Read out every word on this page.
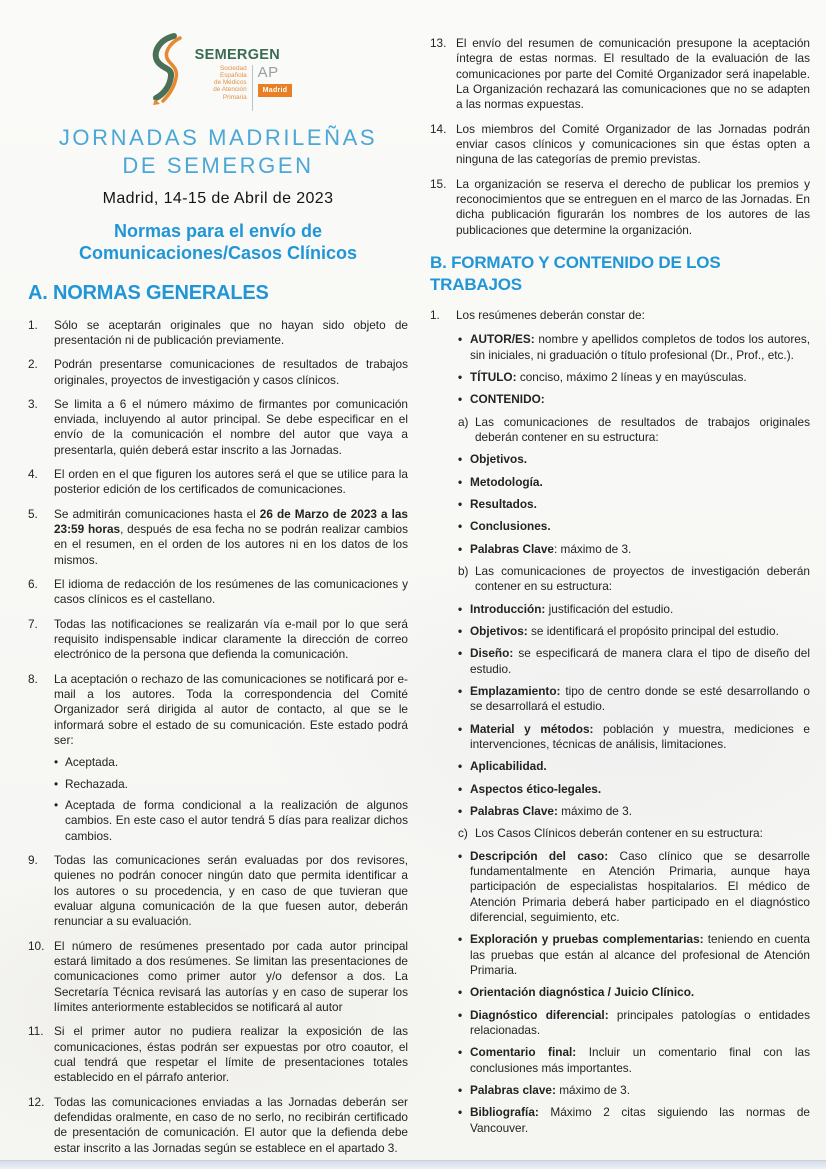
SEMERGEN
Sociedad
Española
de Médicos
de Atención
Primaria
AP
Madrid
JORNADAS MADRILEÑAS
DE SEMERGEN
Madrid, 14-15 de Abril de 2023
Normas para el envío de
Comunicaciones/Casos Clínicos
A. NORMAS GENERALES
1.	Sólo se aceptarán originales que no hayan sido objeto de presentación ni de publicación previamente.
2.	Podrán presentarse comunicaciones de resultados de trabajos originales, proyectos de investigación y casos clínicos.
3.	Se limita a 6 el número máximo de firmantes por comunicación enviada, incluyendo al autor principal. Se debe especificar en el envío de la comunicación el nombre del autor que vaya a presentarla, quién deberá estar inscrito a las Jornadas.
4.	El orden en el que figuren los autores será el que se utilice para la posterior edición de los certificados de comunicaciones.
5.	Se admitirán comunicaciones hasta el 26 de Marzo de 2023 a las 23:59 horas, después de esa fecha no se podrán realizar cambios en el resumen, en el orden de los autores ni en los datos de los mismos.
6.	El idioma de redacción de los resúmenes de las comunicaciones y casos clínicos es el castellano.
7.	Todas las notificaciones se realizarán vía e-mail por lo que será requisito indispensable indicar claramente la dirección de correo electrónico de la persona que defienda la comunicación.
8.	La aceptación o rechazo de las comunicaciones se notificará por e-mail a los autores. Toda la correspondencia del Comité Organizador será dirigida al autor de contacto, al que se le informará sobre el estado de su comunicación. Este estado podrá ser:
• Aceptada.
• Rechazada.
• Aceptada de forma condicional a la realización de algunos cambios. En este caso el autor tendrá 5 días para realizar dichos cambios.
9.	Todas las comunicaciones serán evaluadas por dos revisores, quienes no podrán conocer ningún dato que permita identificar a los autores o su procedencia, y en caso de que tuvieran que evaluar alguna comunicación de la que fuesen autor, deberán renunciar a su evaluación.
10. El número de resúmenes presentado por cada autor principal estará limitado a dos resúmenes. Se limitan las presentaciones de comunicaciones como primer autor y/o defensor a dos. La Secretaría Técnica revisará las autorías y en caso de superar los límites anteriormente establecidos se notificará al autor
11. Si el primer autor no pudiera realizar la exposición de las comunicaciones, éstas podrán ser expuestas por otro coautor, el cual tendrá que respetar el límite de presentaciones totales establecido en el párrafo anterior.
12. Todas las comunicaciones enviadas a las Jornadas deberán ser defendidas oralmente, en caso de no serlo, no recibirán certificado de presentación de comunicación. El autor que la defienda debe estar inscrito a las Jornadas según se establece en el apartado 3.
13. El envío del resumen de comunicación presupone la aceptación íntegra de estas normas. El resultado de la evaluación de las comunicaciones por parte del Comité Organizador será inapelable. La Organización rechazará las comunicaciones que no se adapten a las normas expuestas.
14. Los miembros del Comité Organizador de las Jornadas podrán enviar casos clínicos y comunicaciones sin que éstas opten a ninguna de las categorías de premio previstas.
15. La organización se reserva el derecho de publicar los premios y reconocimientos que se entreguen en el marco de las Jornadas. En dicha publicación figurarán los nombres de los autores de las publicaciones que determine la organización.
B. FORMATO Y CONTENIDO DE LOS TRABAJOS
1.	Los resúmenes deberán constar de:
• AUTOR/ES: nombre y apellidos completos de todos los autores, sin iniciales, ni graduación o título profesional (Dr., Prof., etc.).
• TÍTULO: conciso, máximo 2 líneas y en mayúsculas.
• CONTENIDO:
a) Las comunicaciones de resultados de trabajos originales deberán contener en su estructura:
• Objetivos.
• Metodología.
• Resultados.
• Conclusiones.
• Palabras Clave: máximo de 3.
b) Las comunicaciones de proyectos de investigación deberán contener en su estructura:
• Introducción: justificación del estudio.
• Objetivos: se identificará el propósito principal del estudio.
• Diseño: se especificará de manera clara el tipo de diseño del estudio.
• Emplazamiento: tipo de centro donde se esté desarrollando o se desarrollará el estudio.
• Material y métodos: población y muestra, mediciones e intervenciones, técnicas de análisis, limitaciones.
• Aplicabilidad.
• Aspectos ético-legales.
• Palabras Clave: máximo de 3.
c) Los Casos Clínicos deberán contener en su estructura:
• Descripción del caso: Caso clínico que se desarrolle fundamentalmente en Atención Primaria, aunque haya participación de especialistas hospitalarios. El médico de Atención Primaria deberá haber participado en el diagnóstico diferencial, seguimiento, etc.
• Exploración y pruebas complementarias: teniendo en cuenta las pruebas que están al alcance del profesional de Atención Primaria.
• Orientación diagnóstica / Juicio Clínico.
• Diagnóstico diferencial: principales patologías o entidades relacionadas.
• Comentario final: Incluir un comentario final con las conclusiones más importantes.
• Palabras clave: máximo de 3.
• Bibliografía: Máximo 2 citas siguiendo las normas de Vancouver.
